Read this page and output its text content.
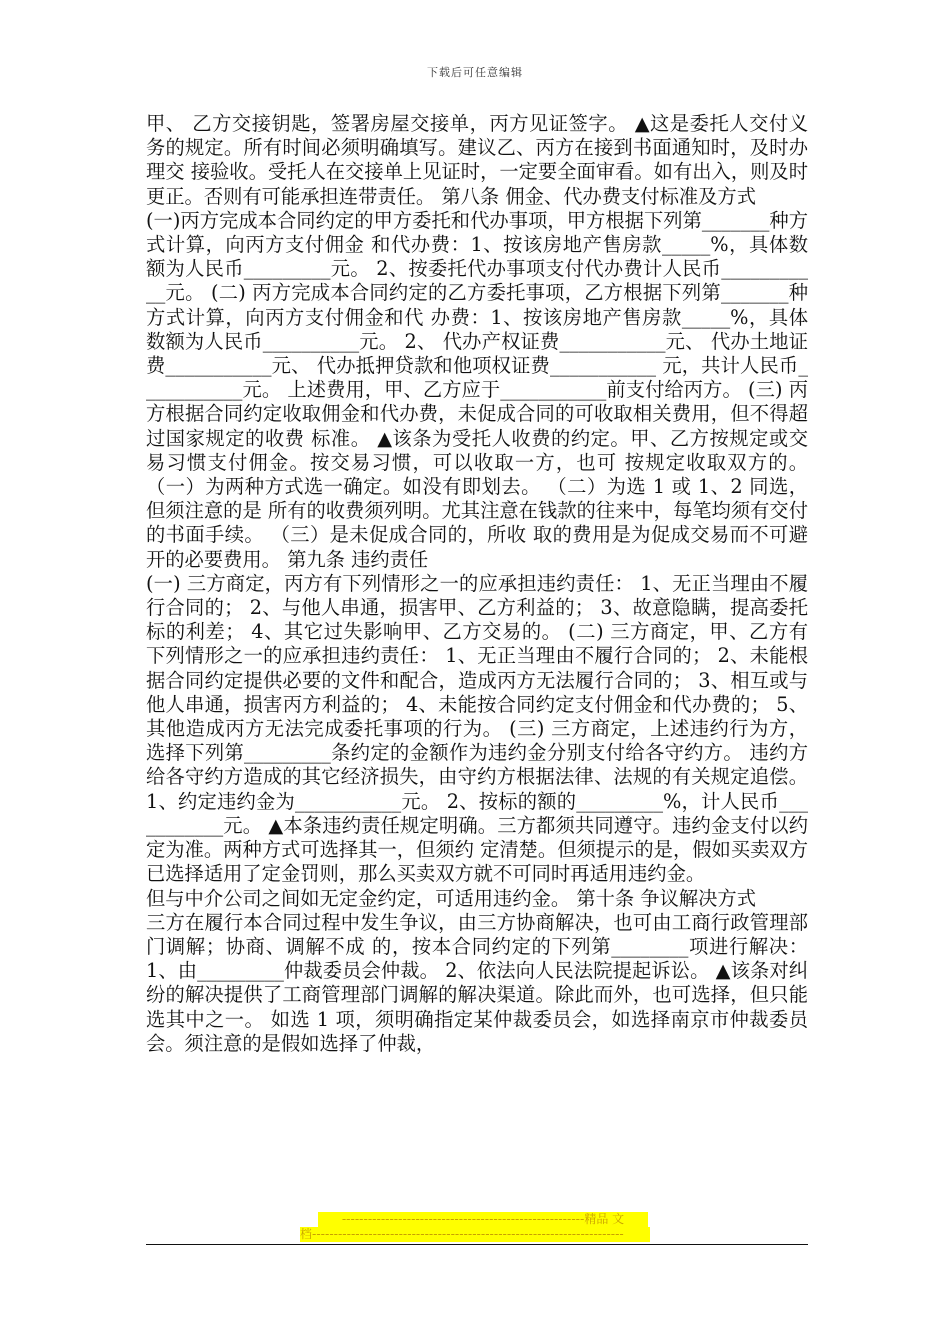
下载后可任意编辑

甲、 乙方交接钥匙，签署房屋交接单，丙方见证签字。 ▲这是委托人交付义务的规定。所有时间必须明确填写。建议乙、丙方在接到书面通知时，及时办理交 接验收。受托人在交接单上见证时，一定要全面审看。如有出入，则及时更正。否则有可能承担连带责任。 第八条 佣金、代办费支付标准及方式

(一)丙方完成本合同约定的甲方委托和代办事项，甲方根据下列第_______种方式计算，向丙方支付佣金 和代办费：1、按该房地产售房款_____%，具体数额为人民币_________元。 2、按委托代办事项支付代办费计人民币___________元。 (二) 丙方完成本合同约定的乙方委托事项，乙方根据下列第_______种方式计算，向丙方支付佣金和代 办费：1、按该房地产售房款_____%，具体数额为人民币__________元。 2、 代办产权证费___________元、 代办土地证费___________元、 代办抵押贷款和他项权证费___________ 元，共计人民币___________元。 上述费用，甲、乙方应于___________前支付给丙方。 (三) 丙方根据合同约定收取佣金和代办费，未促成合同的可收取相关费用，但不得超过国家规定的收费 标准。 ▲该条为受托人收费的约定。甲、乙方按规定或交易习惯支付佣金。按交易习惯，可以收取一方，也可 按规定收取双方的。 （一）为两种方式选一确定。如没有即划去。 （二）为选 1 或 1、2 同选，但须注意的是 所有的收费须列明。尤其注意在钱款的往来中，每笔均须有交付的书面手续。 （三）是未促成合同的，所收 取的费用是为促成交易而不可避开的必要费用。 第九条 违约责任

(一) 三方商定，丙方有下列情形之一的应承担违约责任： 1、无正当理由不履行合同的； 2、与他人串通，损害甲、乙方利益的； 3、故意隐瞒，提高委托标的利差； 4、其它过失影响甲、乙方交易的。 (二) 三方商定，甲、乙方有下列情形之一的应承担违约责任： 1、无正当理由不履行合同的； 2、未能根据合同约定提供必要的文件和配合，造成丙方无法履行合同的； 3、相互或与他人串通，损害丙方利益的； 4、未能按合同约定支付佣金和代办费的； 5、其他造成丙方无法完成委托事项的行为。 (三) 三方商定，上述违约行为方，选择下列第_________条约定的金额作为违约金分别支付给各守约方。 违约方给各守约方造成的其它经济损失，由守约方根据法律、法规的有关规定追偿。 1、约定违约金为___________元。 2、按标的额的_________%，计人民币___________元。 ▲本条违约责任规定明确。三方都须共同遵守。违约金支付以约定为准。两种方式可选择其一，但须约 定清楚。但须提示的是，假如买卖双方已选择适用了定金罚则，那么买卖双方就不可同时再适用违约金。

但与中介公司之间如无定金约定，可适用违约金。 第十条 争议解决方式

三方在履行本合同过程中发生争议，由三方协商解决，也可由工商行政管理部门调解；协商、调解不成 的，按本合同约定的下列第________项进行解决： 1、由_________仲裁委员会仲裁。 2、依法向人民法院提起诉讼。 ▲该条对纠纷的解决提供了工商管理部门调解的解决渠道。除此而外，也可选择，但只能选其中之一。 如选 1 项，须明确指定某仲裁委员会，如选择南京市仲裁委员会。须注意的是假如选择了仲裁，

--------------------------------------------------------精品 文
档------------------------------------------------------------------------
